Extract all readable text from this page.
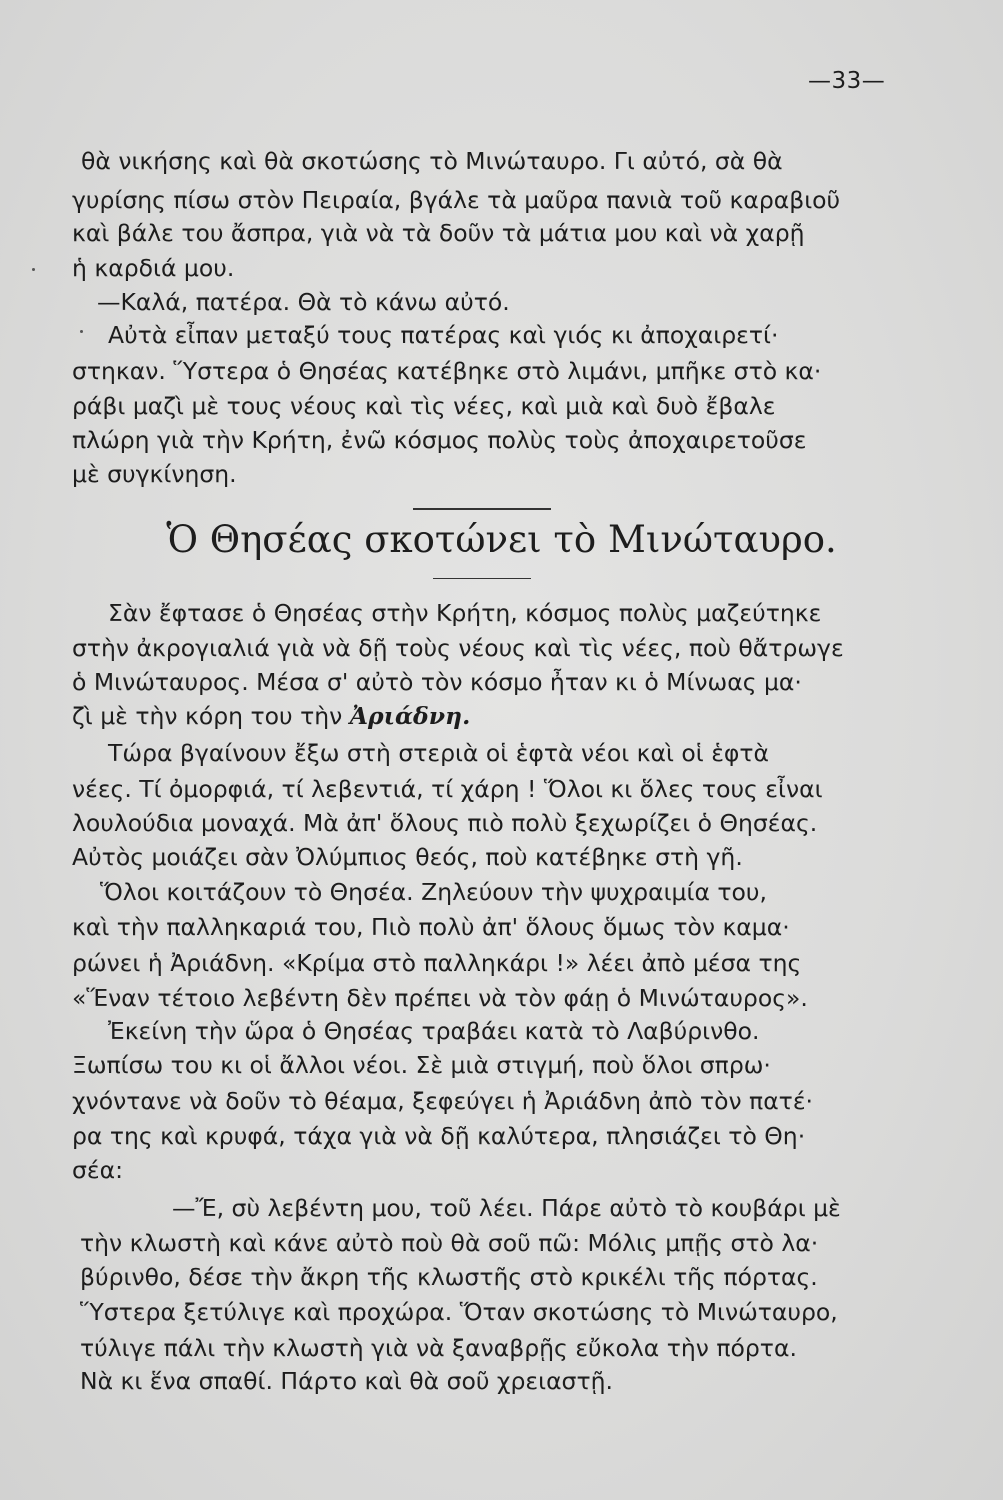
—33—
θὰ νικήσης καὶ θὰ σκοτώσης τὸ Μινώταυρο. Γι αὐτό, σὰ θὰ
γυρίσης πίσω στὸν Πειραία, βγάλε τὰ μαῦρα πανιὰ τοῦ καραβιοῦ
καὶ βάλε του ἄσπρα, γιὰ νὰ τὰ δοῦν τὰ μάτια μου καὶ νὰ χαρῇ
ἡ καρδιά μου.
—Καλά, πατέρα. Θὰ τὸ κάνω αὐτό.
Αὐτὰ εἶπαν μεταξύ τους πατέρας καὶ γιός κι ἀποχαιρετί·
στηκαν. Ὕστερα ὁ Θησέας κατέβηκε στὸ λιμάνι, μπῆκε στὸ κα·
ράβι μαζὶ μὲ τους νέους καὶ τὶς νέες, καὶ μιὰ καὶ δυὸ ἔβαλε
πλώρη γιὰ τὴν Κρήτη, ἐνῶ κόσμος πολὺς τοὺς ἀποχαιρετοῦσε
μὲ συγκίνηση.
Ὁ Θησέας σκοτώνει τὸ Μινώταυρο.
Σὰν ἔφτασε ὁ Θησέας στὴν Κρήτη, κόσμος πολὺς μαζεύτηκε
στὴν ἀκρογιαλιά γιὰ νὰ δῇ τοὺς νέους καὶ τὶς νέες, ποὺ θἄτρωγε
ὁ Μινώταυρος. Μέσα σ' αὐτὸ τὸν κόσμο ἦταν κι ὁ Μίνωας μα·
ζὶ μὲ τὴν κόρη του τὴν Ἀριάδνη.
Τώρα βγαίνουν ἔξω στὴ στεριὰ οἱ ἑφτὰ νέοι καὶ οἱ ἑφτὰ
νέες. Τί ὀμορφιά, τί λεβεντιά, τί χάρη ! Ὅλοι κι ὅλες τους εἶναι
λουλούδια μοναχά. Μὰ ἀπ' ὅλους πιὸ πολὺ ξεχωρίζει ὁ Θησέας.
Αὐτὸς μοιάζει σὰν Ὀλύμπιος θεός, ποὺ κατέβηκε στὴ γῆ.
Ὅλοι κοιτάζουν τὸ Θησέα. Ζηλεύουν τὴν ψυχραιμία του,
καὶ τὴν παλληκαριά του, Πιὸ πολὺ ἀπ' ὅλους ὅμως τὸν καμα·
ρώνει ἡ Ἀριάδνη. «Κρίμα στὸ παλληκάρι !» λέει ἀπὸ μέσα της
«Ἕναν τέτοιο λεβέντη δὲν πρέπει νὰ τὸν φάῃ ὁ Μινώταυρος».
Ἐκείνη τὴν ὥρα ὁ Θησέας τραβάει κατὰ τὸ Λαβύρινθο.
Ξωπίσω του κι οἱ ἄλλοι νέοι. Σὲ μιὰ στιγμή, ποὺ ὅλοι σπρω·
χνόντανε νὰ δοῦν τὸ θέαμα, ξεφεύγει ἡ Ἀριάδνη ἀπὸ τὸν πατέ·
ρα της καὶ κρυφά, τάχα γιὰ νὰ δῇ καλύτερα, πλησιάζει τὸ Θη·
σέα:
—Ἔ, σὺ λεβέντη μου, τοῦ λέει. Πάρε αὐτὸ τὸ κουβάρι μὲ
τὴν κλωστὴ καὶ κάνε αὐτὸ ποὺ θὰ σοῦ πῶ: Μόλις μπῇς στὸ λα·
βύρινθο, δέσε τὴν ἄκρη τῆς κλωστῆς στὸ κρικέλι τῆς πόρτας.
Ὕστερα ξετύλιγε καὶ προχώρα. Ὅταν σκοτώσης τὸ Μινώταυρο,
τύλιγε πάλι τὴν κλωστὴ γιὰ νὰ ξαναβρῇς εὔκολα τὴν πόρτα.
Νὰ κι ἕνα σπαθί. Πάρτο καὶ θὰ σοῦ χρειαστῇ.
